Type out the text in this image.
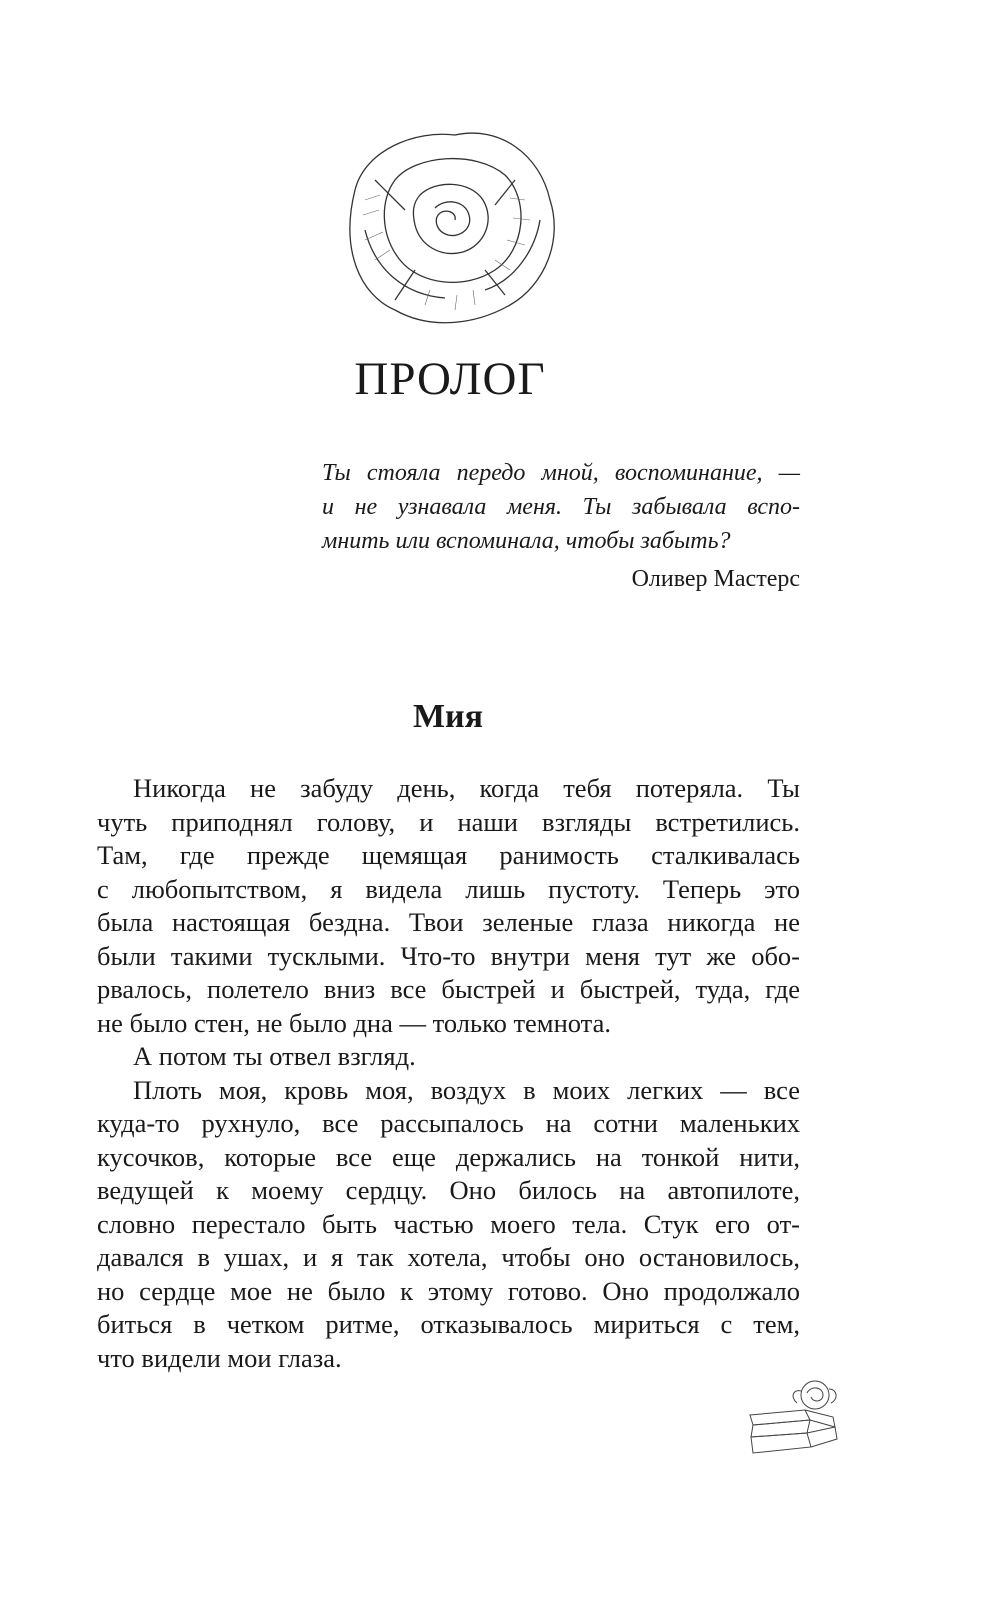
ПРОЛОГ
Ты стояла передо мной, воспоминание, —
и не узнавала меня. Ты забывала вспо-
мнить или вспоминала, чтобы забыть?
Оливер Мастерс
Мия
Никогда не забуду день, когда тебя потеряла. Ты
чуть приподнял голову, и наши взгляды встретились.
Там, где прежде щемящая ранимость сталкивалась
с любопытством, я видела лишь пустоту. Теперь это
была настоящая бездна. Твои зеленые глаза никогда не
были такими тусклыми. Что-то внутри меня тут же обо-
рвалось, полетело вниз все быстрей и быстрей, туда, где
не было стен, не было дна — только темнота.
А потом ты отвел взгляд.
Плоть моя, кровь моя, воздух в моих легких — все
куда-то рухнуло, все рассыпалось на сотни маленьких
кусочков, которые все еще держались на тонкой нити,
ведущей к моему сердцу. Оно билось на автопилоте,
словно перестало быть частью моего тела. Стук его от-
давался в ушах, и я так хотела, чтобы оно остановилось,
но сердце мое не было к этому готово. Оно продолжало
биться в четком ритме, отказывалось мириться с тем,
что видели мои глаза.
